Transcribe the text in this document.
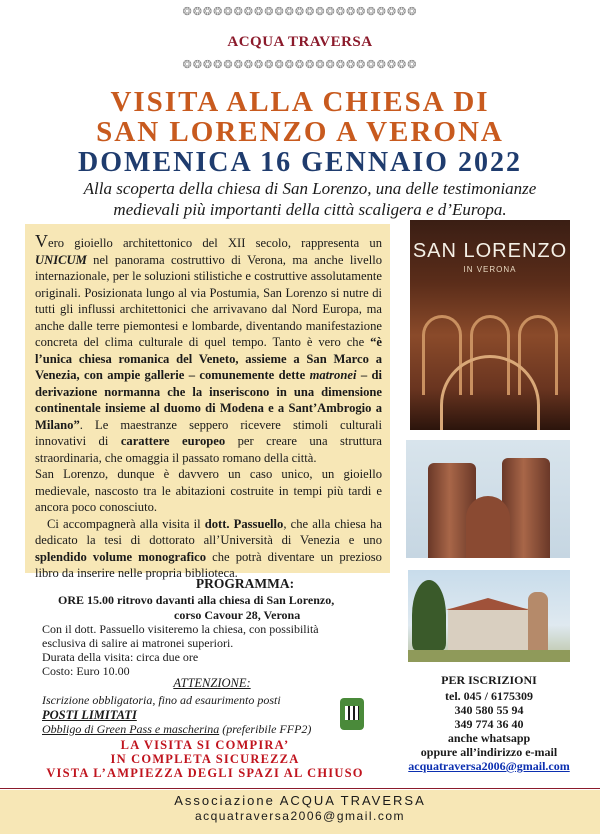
❂❂❂❂❂❂❂❂❂❂❂❂❂❂❂❂❂❂❂❂❂❂❂
ACQUA TRAVERSA
❂❂❂❂❂❂❂❂❂❂❂❂❂❂❂❂❂❂❂❂❂❂❂
VISITA ALLA CHIESA DI
SAN LORENZO A VERONA
DOMENICA 16 GENNAIO 2022
Alla scoperta della chiesa di San Lorenzo, una delle testimonianze medievali più importanti della città scaligera e d’Europa.

Vero gioiello architettonico del XII secolo, rappresenta un UNICUM nel panorama costruttivo di Verona, ma anche livello internazionale, per le soluzioni stilistiche e costruttive assolutamente originali. Posizionata lungo al via Postumia, San Lorenzo si nutre di tutti gli influssi architettonici che arrivavano dal Nord Europa, ma anche dalle terre piemontesi e lombarde, diventando manifestazione concreta del clima culturale di quel tempo. Tanto è vero che “è l’unica chiesa romanica del Veneto, assieme a San Marco a Venezia, con ampie gallerie – comunemente dette matronei – di derivazione normanna che la inseriscono in una dimensione continentale insieme al duomo di Modena e a Sant’Ambrogio a Milano”. Le maestranze seppero ricevere stimoli culturali innovativi di carattere europeo per creare una struttura straordinaria, che omaggia il passato romano della città.

San Lorenzo, dunque è davvero un caso unico, un gioiello medievale, nascosto tra le abitazioni costruite in tempi più tardi e ancora poco conosciuto.

Ci accompagnerà alla visita il dott. Passuello, che alla chiesa ha dedicato la tesi di dottorato all’Università di Venezia e uno splendido volume monografico che potrà diventare un prezioso libro da inserire nelle propria biblioteca.

SAN LORENZO
IN VERONA
PROGRAMMA:
ORE 15.00 ritrovo davanti alla chiesa di San Lorenzo,
corso Cavour 28, Verona
Con il dott. Passuello visiteremo la chiesa, con possibilità
esclusiva di salire ai matronei superiori.
Durata della visita: circa due ore
Costo: Euro 10.00
ATTENZIONE:
Iscrizione obbligatoria, fino ad esaurimento posti
POSTI LIMITATI
Obbligo di Green Pass e mascherina (preferibile FFP2)
LA VISITA SI COMPIRA’
IN COMPLETA SICUREZZA
VISTA L’AMPIEZZA DEGLI SPAZI AL CHIUSO
PER ISCRIZIONI
tel. 045 / 6175309
340 580 55 94
349 774 36 40
anche whatsapp
oppure all’indirizzo e-mail
acquatraversa2006@gmail.com
Associazione ACQUA TRAVERSA
acquatraversa2006@gmail.com
